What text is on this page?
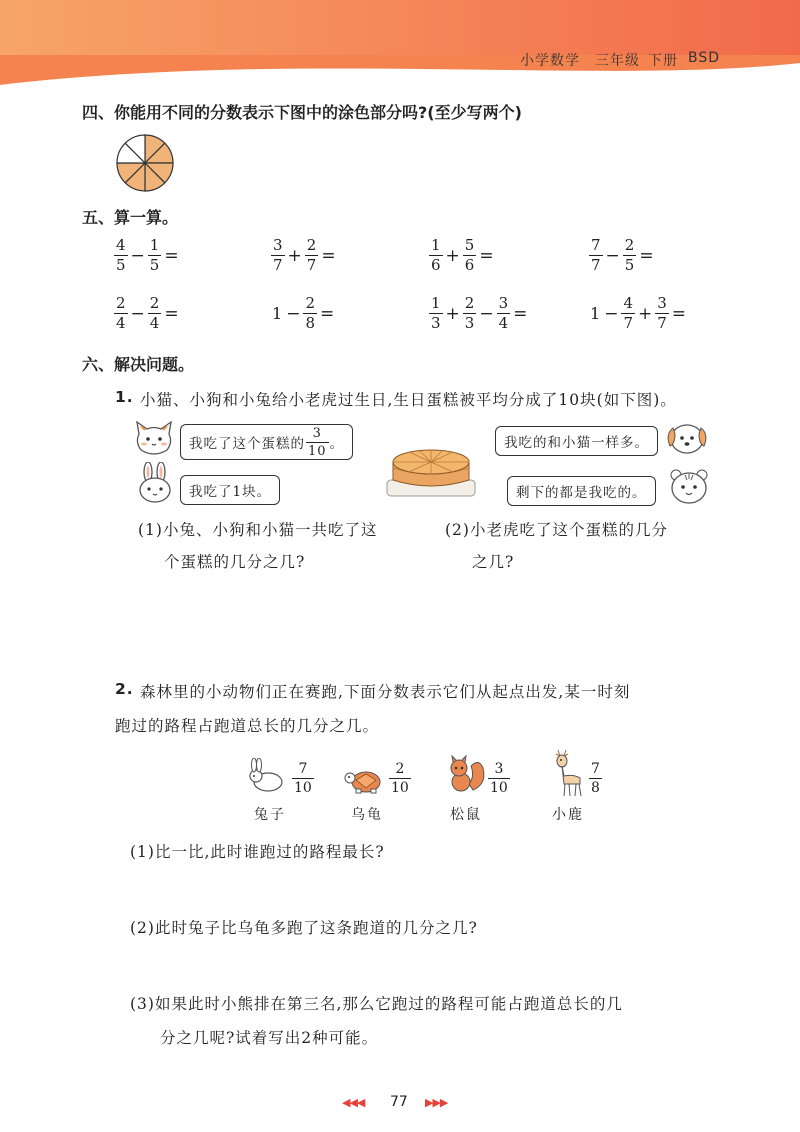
小学数学 三年级 下册 BSD
四、你能用不同的分数表示下图中的涂色部分吗?(至少写两个)
五、算一算。
$\frac{4}{5} - \frac{1}{5}$ =	$\frac{3}{7} + \frac{2}{7}$ =	$\frac{1}{6} + \frac{5}{6}$ =	$\frac{7}{7} - \frac{2}{5}$ =
$\frac{2}{4} - \frac{2}{4}$ =	$1 - \frac{2}{8}$ =	$\frac{1}{3} + \frac{2}{3} - \frac{3}{4}$ =	$1 - \frac{4}{7} + \frac{3}{7}$ =
六、解决问题。
1. 小猫、小狗和小兔给小老虎过生日,生日蛋糕被平均分成了10块(如下图)。
我吃了这个蛋糕的 $\frac{3}{10}$ 。
我吃了1块。
我吃的和小猫一样多。
剩下的都是我吃的。
(1)小兔、小狗和小猫一共吃了这
个蛋糕的几分之几?
(2)小老虎吃了这个蛋糕的几分
之几?
2. 森林里的小动物们正在赛跑,下面分数表示它们从起点出发,某一时刻
跑过的路程占跑道总长的几分之几。
7
10
2
10
3
10
7
8
兔子	乌龟	松鼠	小鹿
(1)比一比,此时谁跑过的路程最长?
(2)此时兔子比乌龟多跑了这条跑道的几分之几?
(3)如果此时小熊排在第三名,那么它跑过的路程可能占跑道总长的几
分之几呢?试着写出2种可能。
◀◀◀ 77 ▶▶▶
